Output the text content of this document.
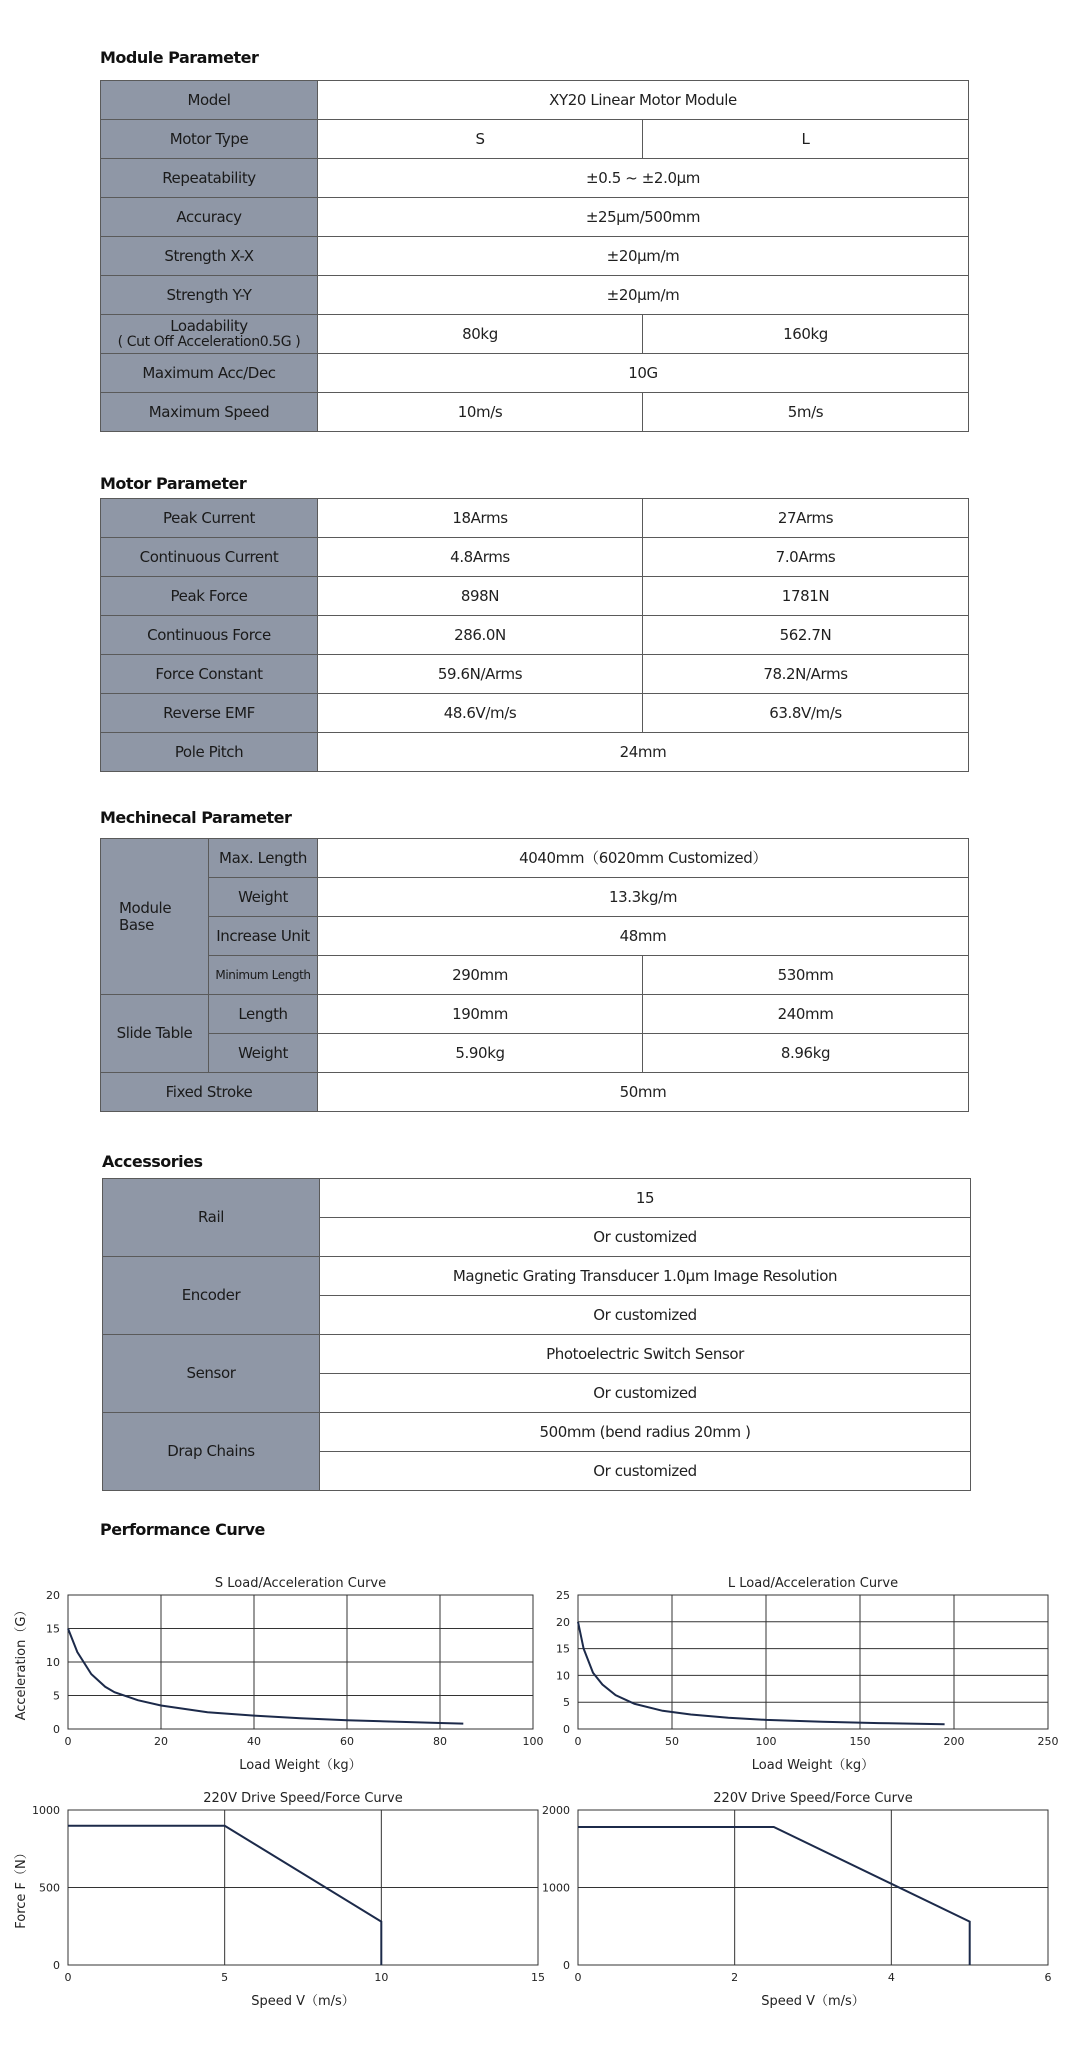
Module Parameter
Model	XY20 Linear Motor Module	
Motor Type	S	L
Repeatability	±0.5 ~ ±2.0μm	
Accuracy	±25μm/500mm	
Strength X-X	±20μm/m	
Strength Y-Y	±20μm/m	

Loadability
( Cut Off Acceleration0.5G )	80kg	160kg
Maximum Acc/Dec	10G	
Maximum Speed	10m/s	5m/s
Motor Parameter
Peak Current	18Arms	27Arms
Continuous Current	4.8Arms	7.0Arms
Peak Force	898N	1781N
Continuous Force	286.0N	562.7N
Force Constant	59.6N/Arms	78.2N/Arms
Reverse EMF	48.6V/m/s	63.8V/m/s
Pole Pitch	24mm	
Mechinecal Parameter
Module Base	Max. Length	4040mm（6020mm Customized）	
	Weight	13.3kg/m	
	Increase Unit	48mm	
	Minimum Length	290mm	530mm
Slide Table	Length	190mm	240mm
	Weight	5.90kg	8.96kg
Fixed Stroke		50mm	
Accessories
Rail	15
	Or customized
Encoder	Magnetic Grating Transducer 1.0μm Image Resolution
	Or customized
Sensor	Photoelectric Switch Sensor
	Or customized
Drap Chains	500mm (bend radius 20mm )
	Or customized
Performance Curve
0	20	40	60	80	100
0
5
10
15
20
S Load/Acceleration Curve
Load Weight（kg）
Acceleration（G）
0	50	100	150	200	250
0
5
10
15
20
25
L Load/Acceleration Curve
Load Weight（kg）
0	5	10	15
0
500
1000
220V Drive Speed/Force Curve
Speed V（m/s）
Force F（N）
0	2	4	6
0
1000
2000
220V Drive Speed/Force Curve
Speed V（m/s）
